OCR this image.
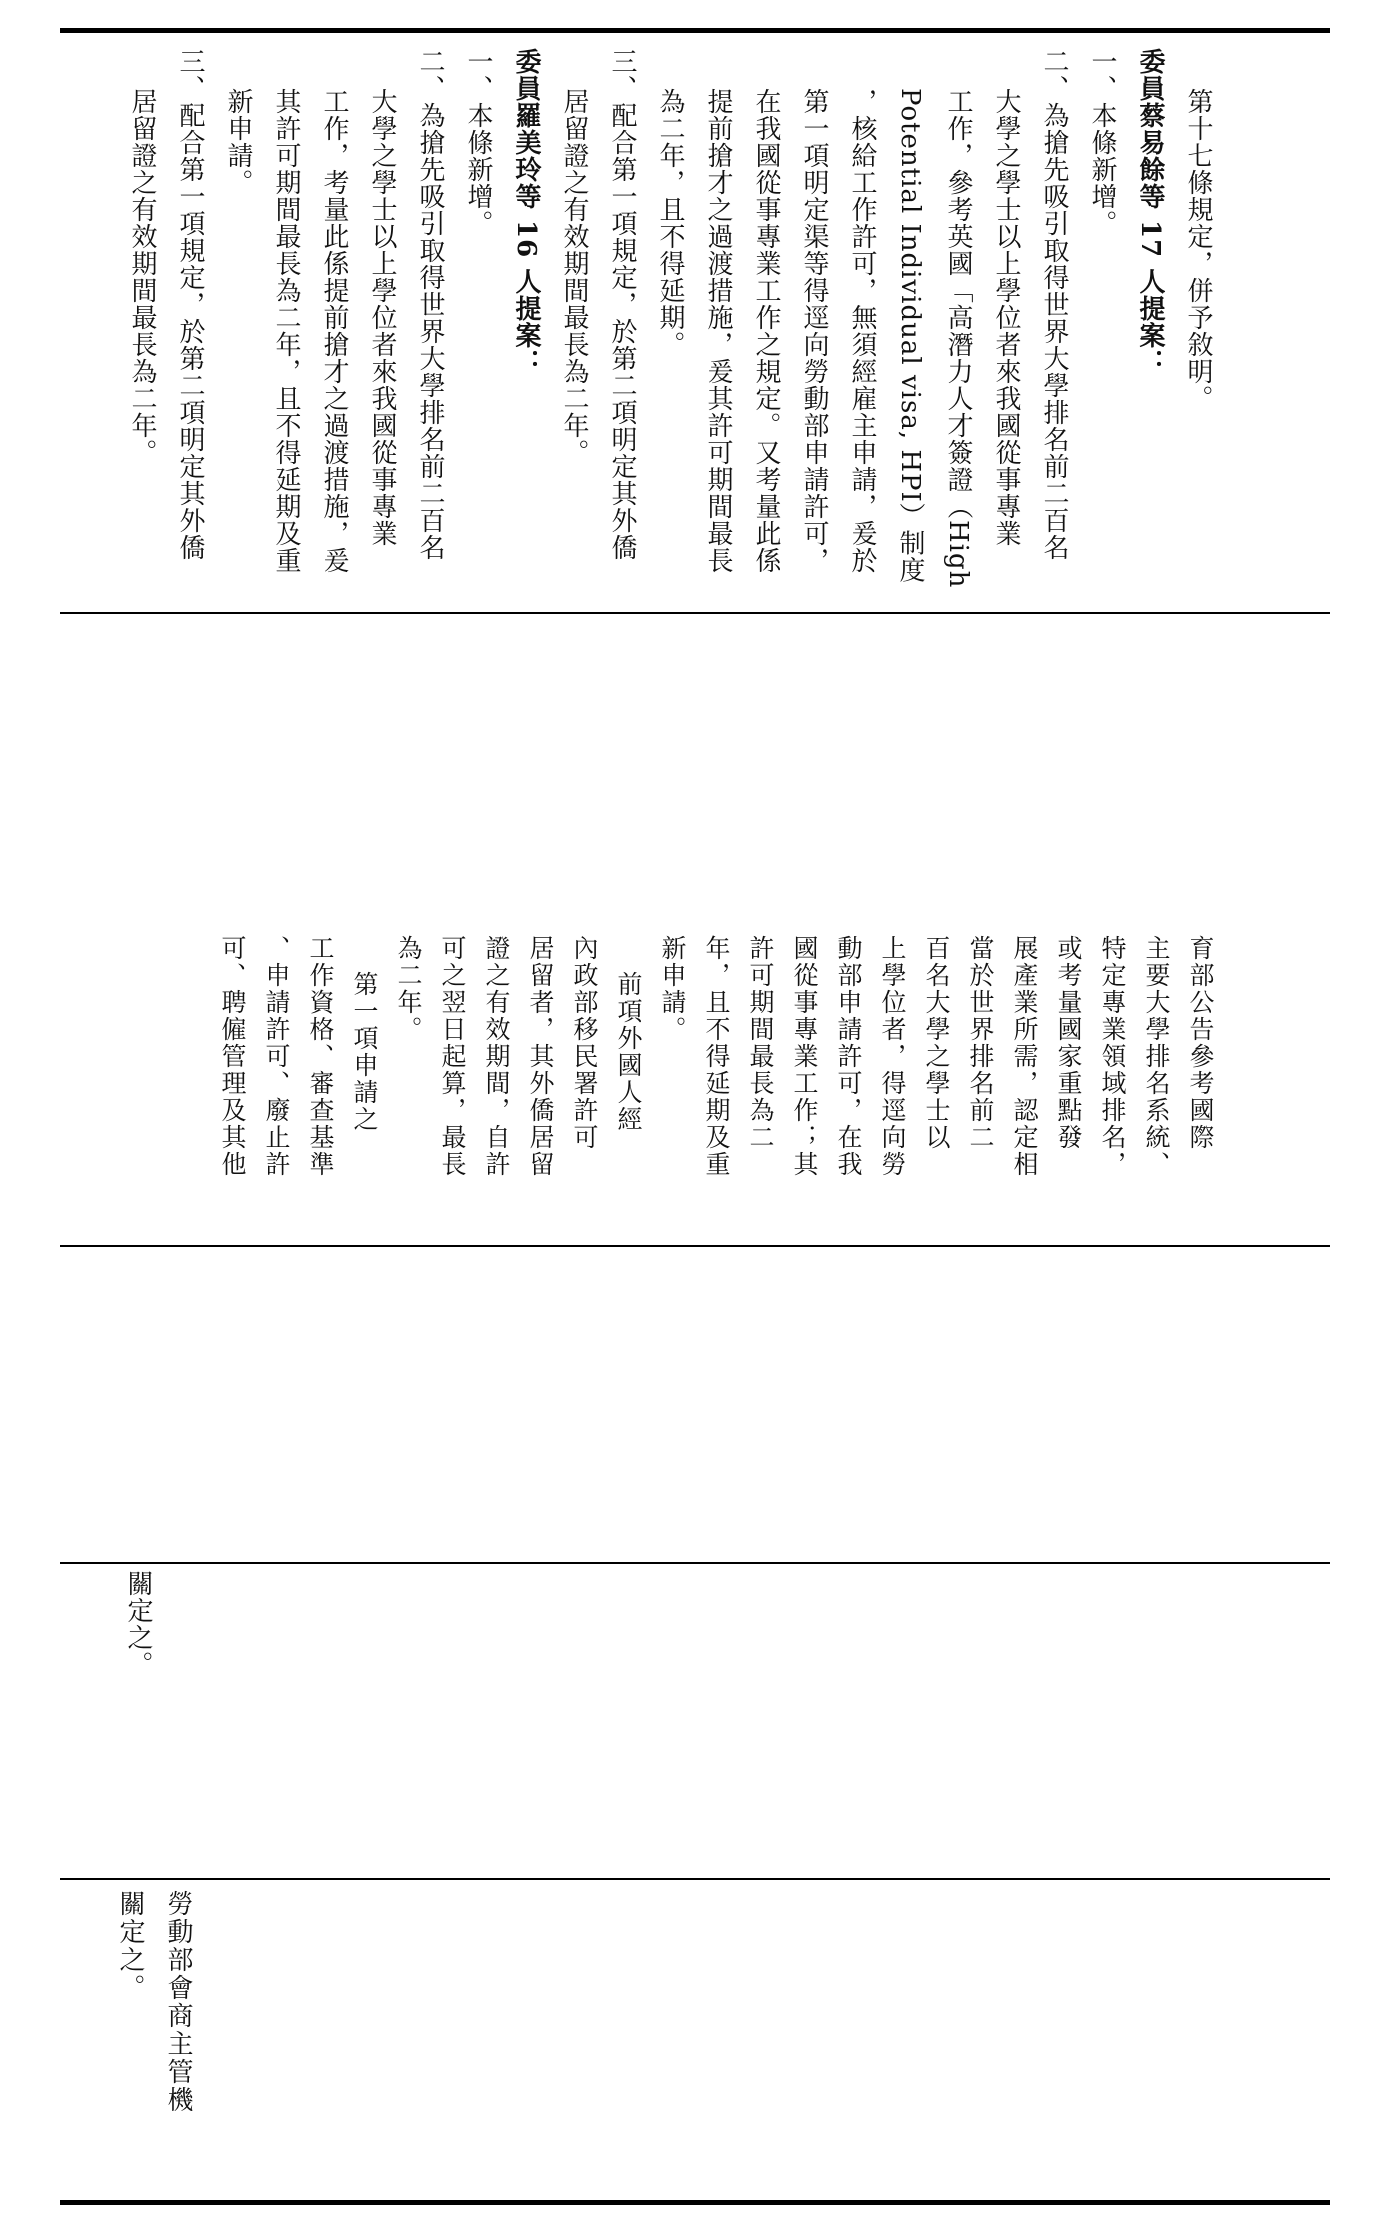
第十七條規定，併予敘明。
委員蔡易餘等 17 人提案：
一、本條新增。
二、為搶先吸引取得世界大學排名前二百名
大學之學士以上學位者來我國從事專業
工作，參考英國「高潛力人才簽證（High
Potential Individual visa, HPI）制度
，核給工作許可，無須經雇主申請，爰於
第一項明定渠等得逕向勞動部申請許可，
在我國從事專業工作之規定。又考量此係
提前搶才之過渡措施，爰其許可期間最長
為二年，且不得延期。
三、配合第一項規定，於第二項明定其外僑
居留證之有效期間最長為二年。
委員羅美玲等 16 人提案：
一、本條新增。
二、為搶先吸引取得世界大學排名前二百名
大學之學士以上學位者來我國從事專業
工作，考量此係提前搶才之過渡措施，爰
其許可期間最長為二年，且不得延期及重
新申請。
三、配合第一項規定，於第二項明定其外僑
居留證之有效期間最長為二年。
育部公告參考國際
主要大學排名系統、
特定專業領域排名，
或考量國家重點發
展產業所需，認定相
當於世界排名前二
百名大學之學士以
上學位者，得逕向勞
動部申請許可，在我
國從事專業工作；其
許可期間最長為二
年，且不得延期及重
新申請。
前項外國人經
內政部移民署許可
居留者，其外僑居留
證之有效期間，自許
可之翌日起算，最長
為二年。
第一項申請之
工作資格、審查基準
、申請許可、廢止許
可、聘僱管理及其他
關定之。
勞動部會商主管機
關定之。
